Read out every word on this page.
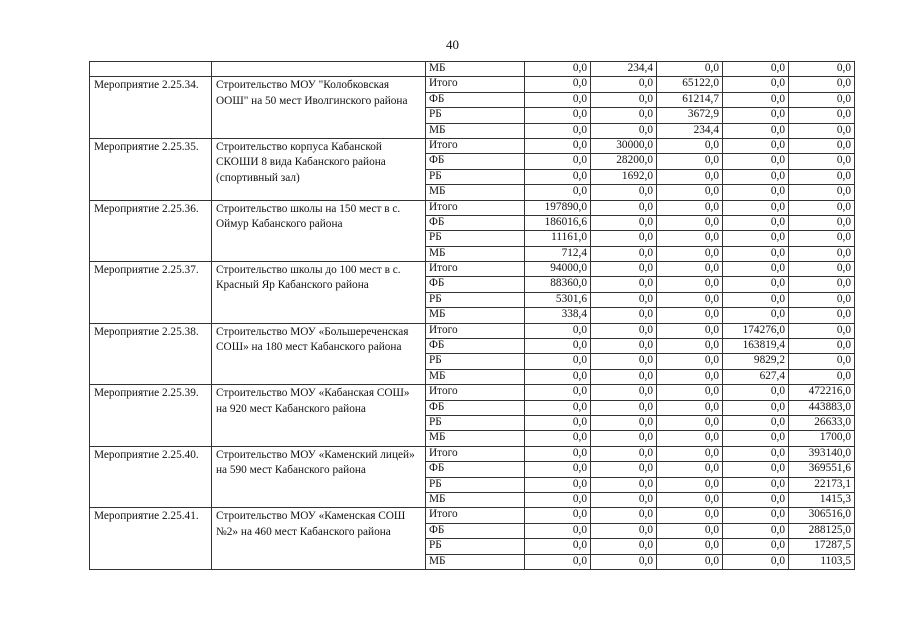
40
		МБ	0,0	234,4	0,0	0,0	0,0
Мероприятие 2.25.34.	Строительство МОУ "Колобковская ООШ" на 50 мест Иволгинского района	Итого	0,0	0,0	65122,0	0,0	0,0
		ФБ	0,0	0,0	61214,7	0,0	0,0
		РБ	0,0	0,0	3672,9	0,0	0,0
		МБ	0,0	0,0	234,4	0,0	0,0
Мероприятие 2.25.35.	Строительство корпуса Кабанской СКОШИ 8 вида Кабанского района (спортивный зал)	Итого	0,0	30000,0	0,0	0,0	0,0
		ФБ	0,0	28200,0	0,0	0,0	0,0
		РБ	0,0	1692,0	0,0	0,0	0,0
		МБ	0,0	0,0	0,0	0,0	0,0
Мероприятие 2.25.36.	Строительство школы на 150 мест в с. Оймур Кабанского района	Итого	197890,0	0,0	0,0	0,0	0,0
		ФБ	186016,6	0,0	0,0	0,0	0,0
		РБ	11161,0	0,0	0,0	0,0	0,0
		МБ	712,4	0,0	0,0	0,0	0,0
Мероприятие 2.25.37.	Строительство школы до 100 мест в с. Красный Яр Кабанского района	Итого	94000,0	0,0	0,0	0,0	0,0
		ФБ	88360,0	0,0	0,0	0,0	0,0
		РБ	5301,6	0,0	0,0	0,0	0,0
		МБ	338,4	0,0	0,0	0,0	0,0
Мероприятие 2.25.38.	Строительство МОУ «Большереченская СОШ» на 180 мест Кабанского района	Итого	0,0	0,0	0,0	174276,0	0,0
		ФБ	0,0	0,0	0,0	163819,4	0,0
		РБ	0,0	0,0	0,0	9829,2	0,0
		МБ	0,0	0,0	0,0	627,4	0,0
Мероприятие 2.25.39.	Строительство МОУ «Кабанская СОШ» на 920 мест Кабанского района	Итого	0,0	0,0	0,0	0,0	472216,0
		ФБ	0,0	0,0	0,0	0,0	443883,0
		РБ	0,0	0,0	0,0	0,0	26633,0
		МБ	0,0	0,0	0,0	0,0	1700,0
Мероприятие 2.25.40.	Строительство МОУ «Каменский лицей» на 590 мест Кабанского района	Итого	0,0	0,0	0,0	0,0	393140,0
		ФБ	0,0	0,0	0,0	0,0	369551,6
		РБ	0,0	0,0	0,0	0,0	22173,1
		МБ	0,0	0,0	0,0	0,0	1415,3
Мероприятие 2.25.41.	Строительство МОУ «Каменская СОШ №2» на 460 мест Кабанского района	Итого	0,0	0,0	0,0	0,0	306516,0
		ФБ	0,0	0,0	0,0	0,0	288125,0
		РБ	0,0	0,0	0,0	0,0	17287,5
		МБ	0,0	0,0	0,0	0,0	1103,5
